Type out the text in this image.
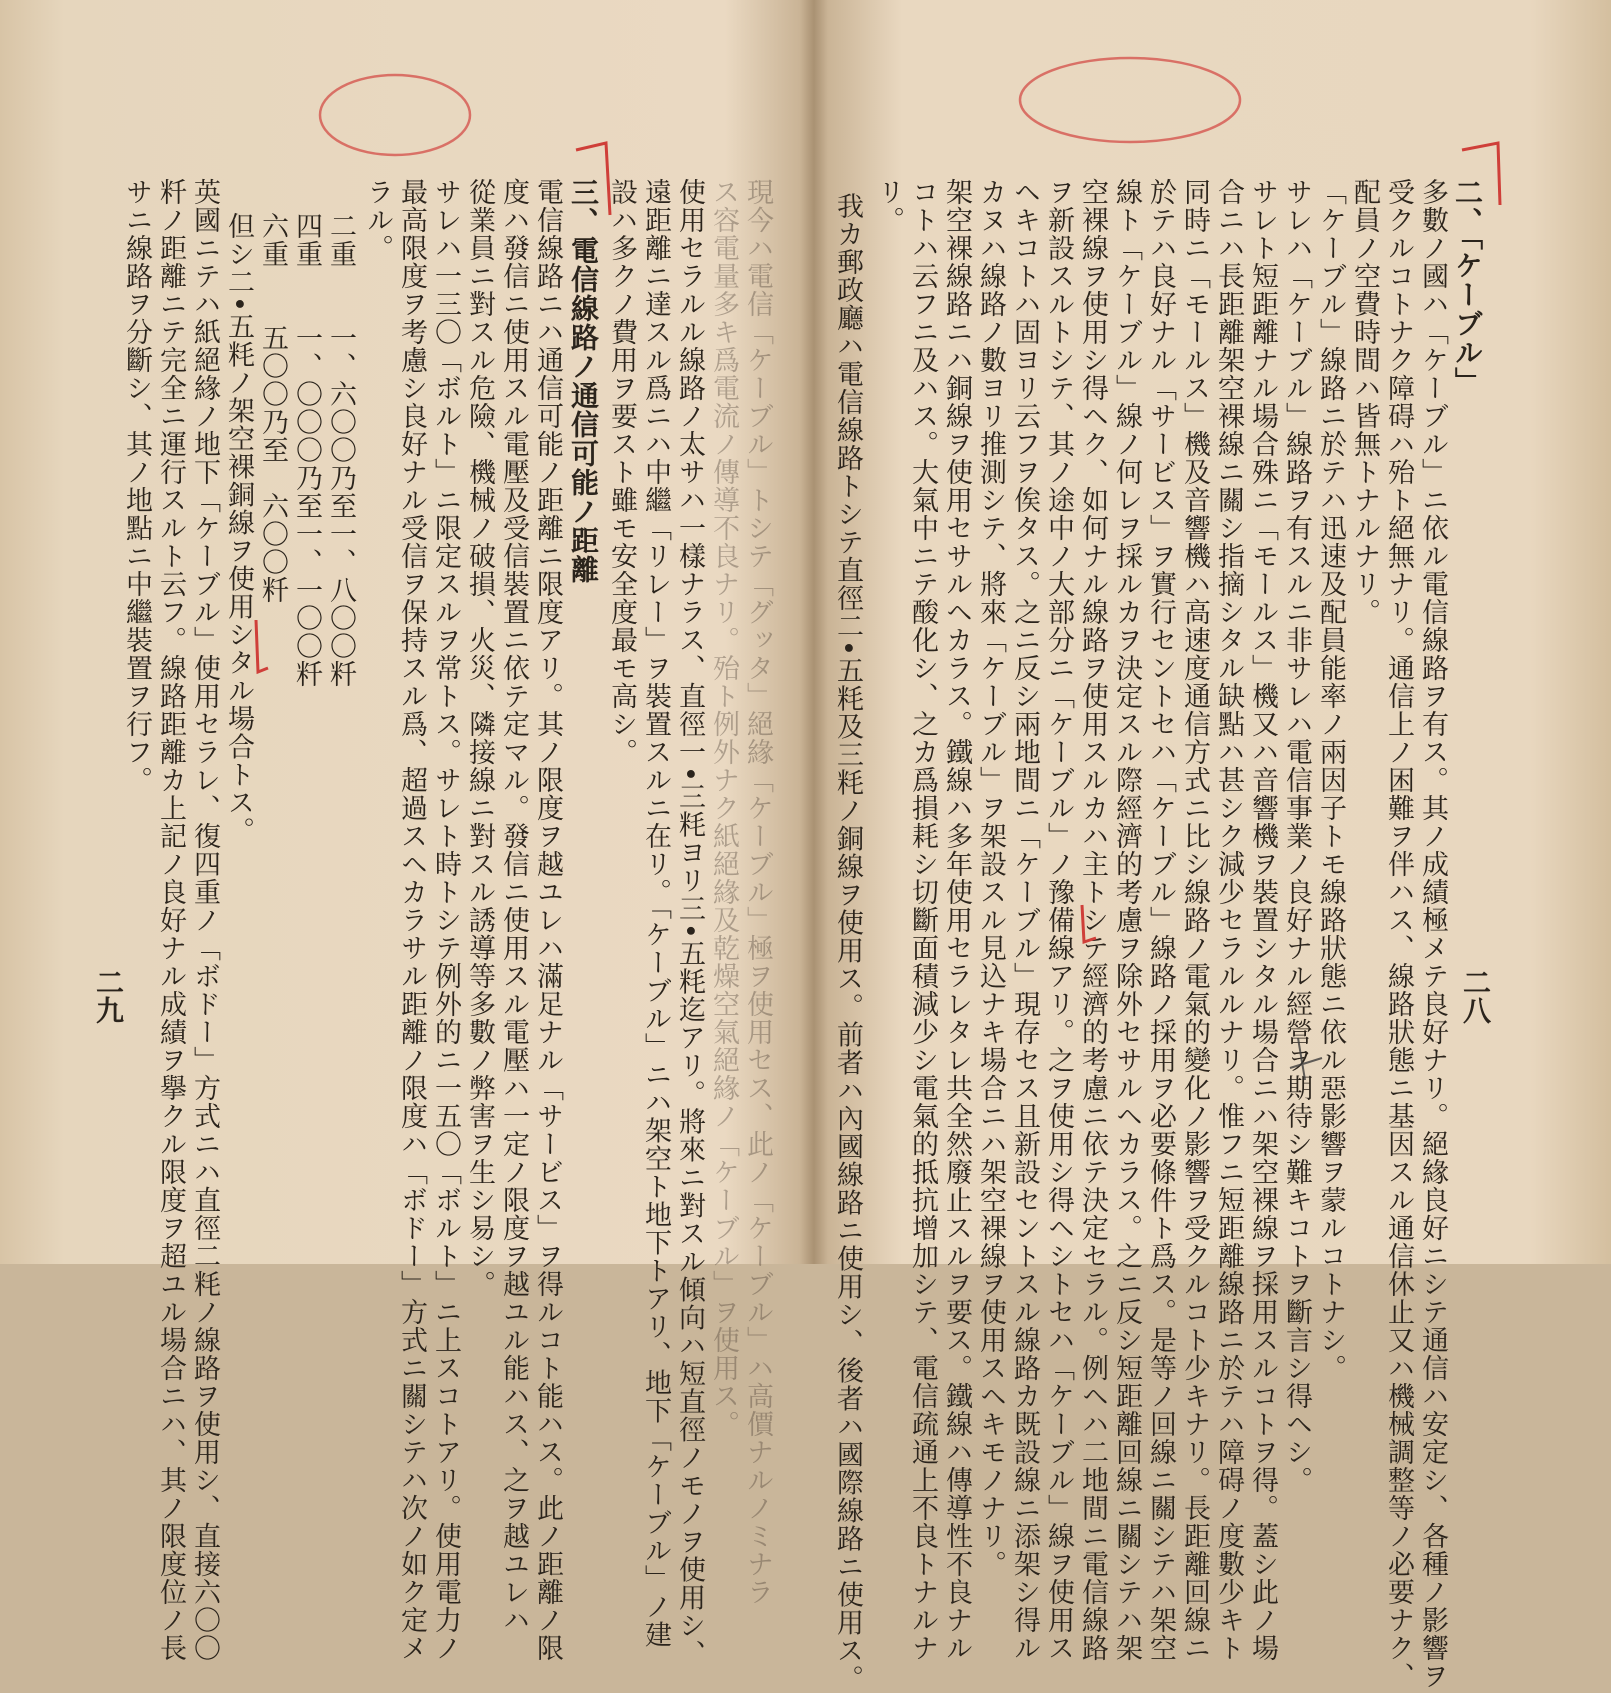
二、「ケーブル」
多數ノ國ハ「ケーブル」ニ依ル電信線路ヲ有ス。其ノ成績極メテ良好ナリ。絕緣良好ニシテ通信ハ安定シ、各種ノ影響ヲ
受クルコトナク障碍ハ殆ト絕無ナリ。通信上ノ困難ヲ伴ハス、線路狀態ニ基因スル通信休止又ハ機械調整等ノ必要ナク、
配員ノ空費時間ハ皆無トナルナリ。
「ケーブル」線路ニ於テハ迅速及配員能率ノ兩因子トモ線路狀態ニ依ル惡影響ヲ蒙ルコトナシ。
サレハ「ケーブル」線路ヲ有スルニ非サレハ電信事業ノ良好ナル經營ヲ期待シ難キコトヲ斷言シ得ヘシ。
サレト短距離ナル場合殊ニ「モールス」機又ハ音響機ヲ裝置シタル場合ニハ架空裸線ヲ採用スルコトヲ得。蓋シ此ノ場
合ニハ長距離架空裸線ニ關シ指摘シタル缺點ハ甚シク減少セラルルナリ。惟フニ短距離線路ニ於テハ障碍ノ度數少キト
同時ニ「モールス」機及音響機ハ高速度通信方式ニ比シ線路ノ電氣的變化ノ影響ヲ受クルコト少キナリ。長距離回線ニ
於テハ良好ナル「サービス」ヲ實行セントセハ「ケーブル」線路ノ採用ヲ必要條件ト爲ス。是等ノ回線ニ關シテハ架空
線ト「ケーブル」線ノ何レヲ採ルカヲ決定スル際經濟的考慮ヲ除外セサルヘカラス。之ニ反シ短距離回線ニ關シテハ架
空裸線ヲ使用シ得ヘク、如何ナル線路ヲ使用スルカハ主トシテ經濟的考慮ニ依テ決定セラル。例ヘハ二地間ニ電信線路
ヲ新設スルトシテ、其ノ途中ノ大部分ニ「ケーブル」ノ豫備線アリ。之ヲ使用シ得ヘシトセハ「ケーブル」線ヲ使用ス
ヘキコトハ固ヨリ云フヲ俟タス。之ニ反シ兩地間ニ「ケーブル」現存セス且新設セントスル線路カ既設線ニ添架シ得ル
カヌハ線路ノ數ヨリ推測シテ、將來「ケーブル」ヲ架設スル見込ナキ場合ニハ架空裸線ヲ使用スヘキモノナリ。
架空裸線路ニハ銅線ヲ使用セサルヘカラス。鐵線ハ多年使用セラレタレ共全然廢止スルヲ要ス。鐵線ハ傳導性不良ナル
コトハ云フニ及ハス。大氣中ニテ酸化シ、之カ爲損耗シ切斷面積減少シ電氣的抵抗增加シテ、電信疏通上不良トナルナ
リ。
我カ郵政廳ハ電信線路トシテ直徑二•五粍及三粍ノ銅線ヲ使用ス。前者ハ內國線路ニ使用シ、後者ハ國際線路ニ使用ス。	二八
現今ハ電信「ケーブル」トシテ「グッタ」絕緣「ケーブル」極ヲ使用セス、此ノ「ケーブル」ハ高價ナルノミナラ
ス容電量多キ爲電流ノ傳導不良ナリ。殆ト例外ナク紙絕緣及乾燥空氣絕緣ノ「ケーブル」ヲ使用ス。
使用セラルル線路ノ太サハ一樣ナラス、直徑一•三粍ヨリ三•五粍迄アリ。將來ニ對スル傾向ハ短直徑ノモノヲ使用シ、
遠距離ニ達スル爲ニハ中繼「リレー」ヲ裝置スルニ在リ。「ケーブル」ニハ架空ト地下トアリ、地下「ケーブル」ノ建
設ハ多クノ費用ヲ要スト雖モ安全度最モ高シ。
三、電信線路ノ通信可能ノ距離
電信線路ニハ通信可能ノ距離ニ限度アリ。其ノ限度ヲ越ユレハ滿足ナル「サービス」ヲ得ルコト能ハス。此ノ距離ノ限
度ハ發信ニ使用スル電壓及受信裝置ニ依テ定マル。發信ニ使用スル電壓ハ一定ノ限度ヲ越ユル能ハス、之ヲ越ユレハ
從業員ニ對スル危險、機械ノ破損、火災、隣接線ニ對スル誘導等多數ノ弊害ヲ生シ易シ。
サレハ一三〇「ボルト」ニ限定スルヲ常トス。サレト時トシテ例外的ニ一五〇「ボルト」ニ上スコトアリ。使用電力ノ
最高限度ヲ考慮シ良好ナル受信ヲ保持スル爲、超過スヘカラサル距離ノ限度ハ「ボドー」方式ニ關シテハ次ノ如ク定メ
ラル。
二重　　一、六〇〇乃至一、八〇〇粁
四重　　一、〇〇〇乃至一、一〇〇粁
六重　　五〇〇乃至　六〇〇粁
但シ二•五粍ノ架空裸銅線ヲ使用シタル場合トス。
英國ニテハ紙絕緣ノ地下「ケーブル」使用セラレ、復四重ノ「ボドー」方式ニハ直徑二粍ノ線路ヲ使用シ、直接六〇〇
粁ノ距離ニテ完全ニ運行スルト云フ。線路距離カ上記ノ良好ナル成績ヲ擧クル限度ヲ超ユル場合ニハ、其ノ限度位ノ長
サニ線路ヲ分斷シ、其ノ地點ニ中繼裝置ヲ行フ。
二九
